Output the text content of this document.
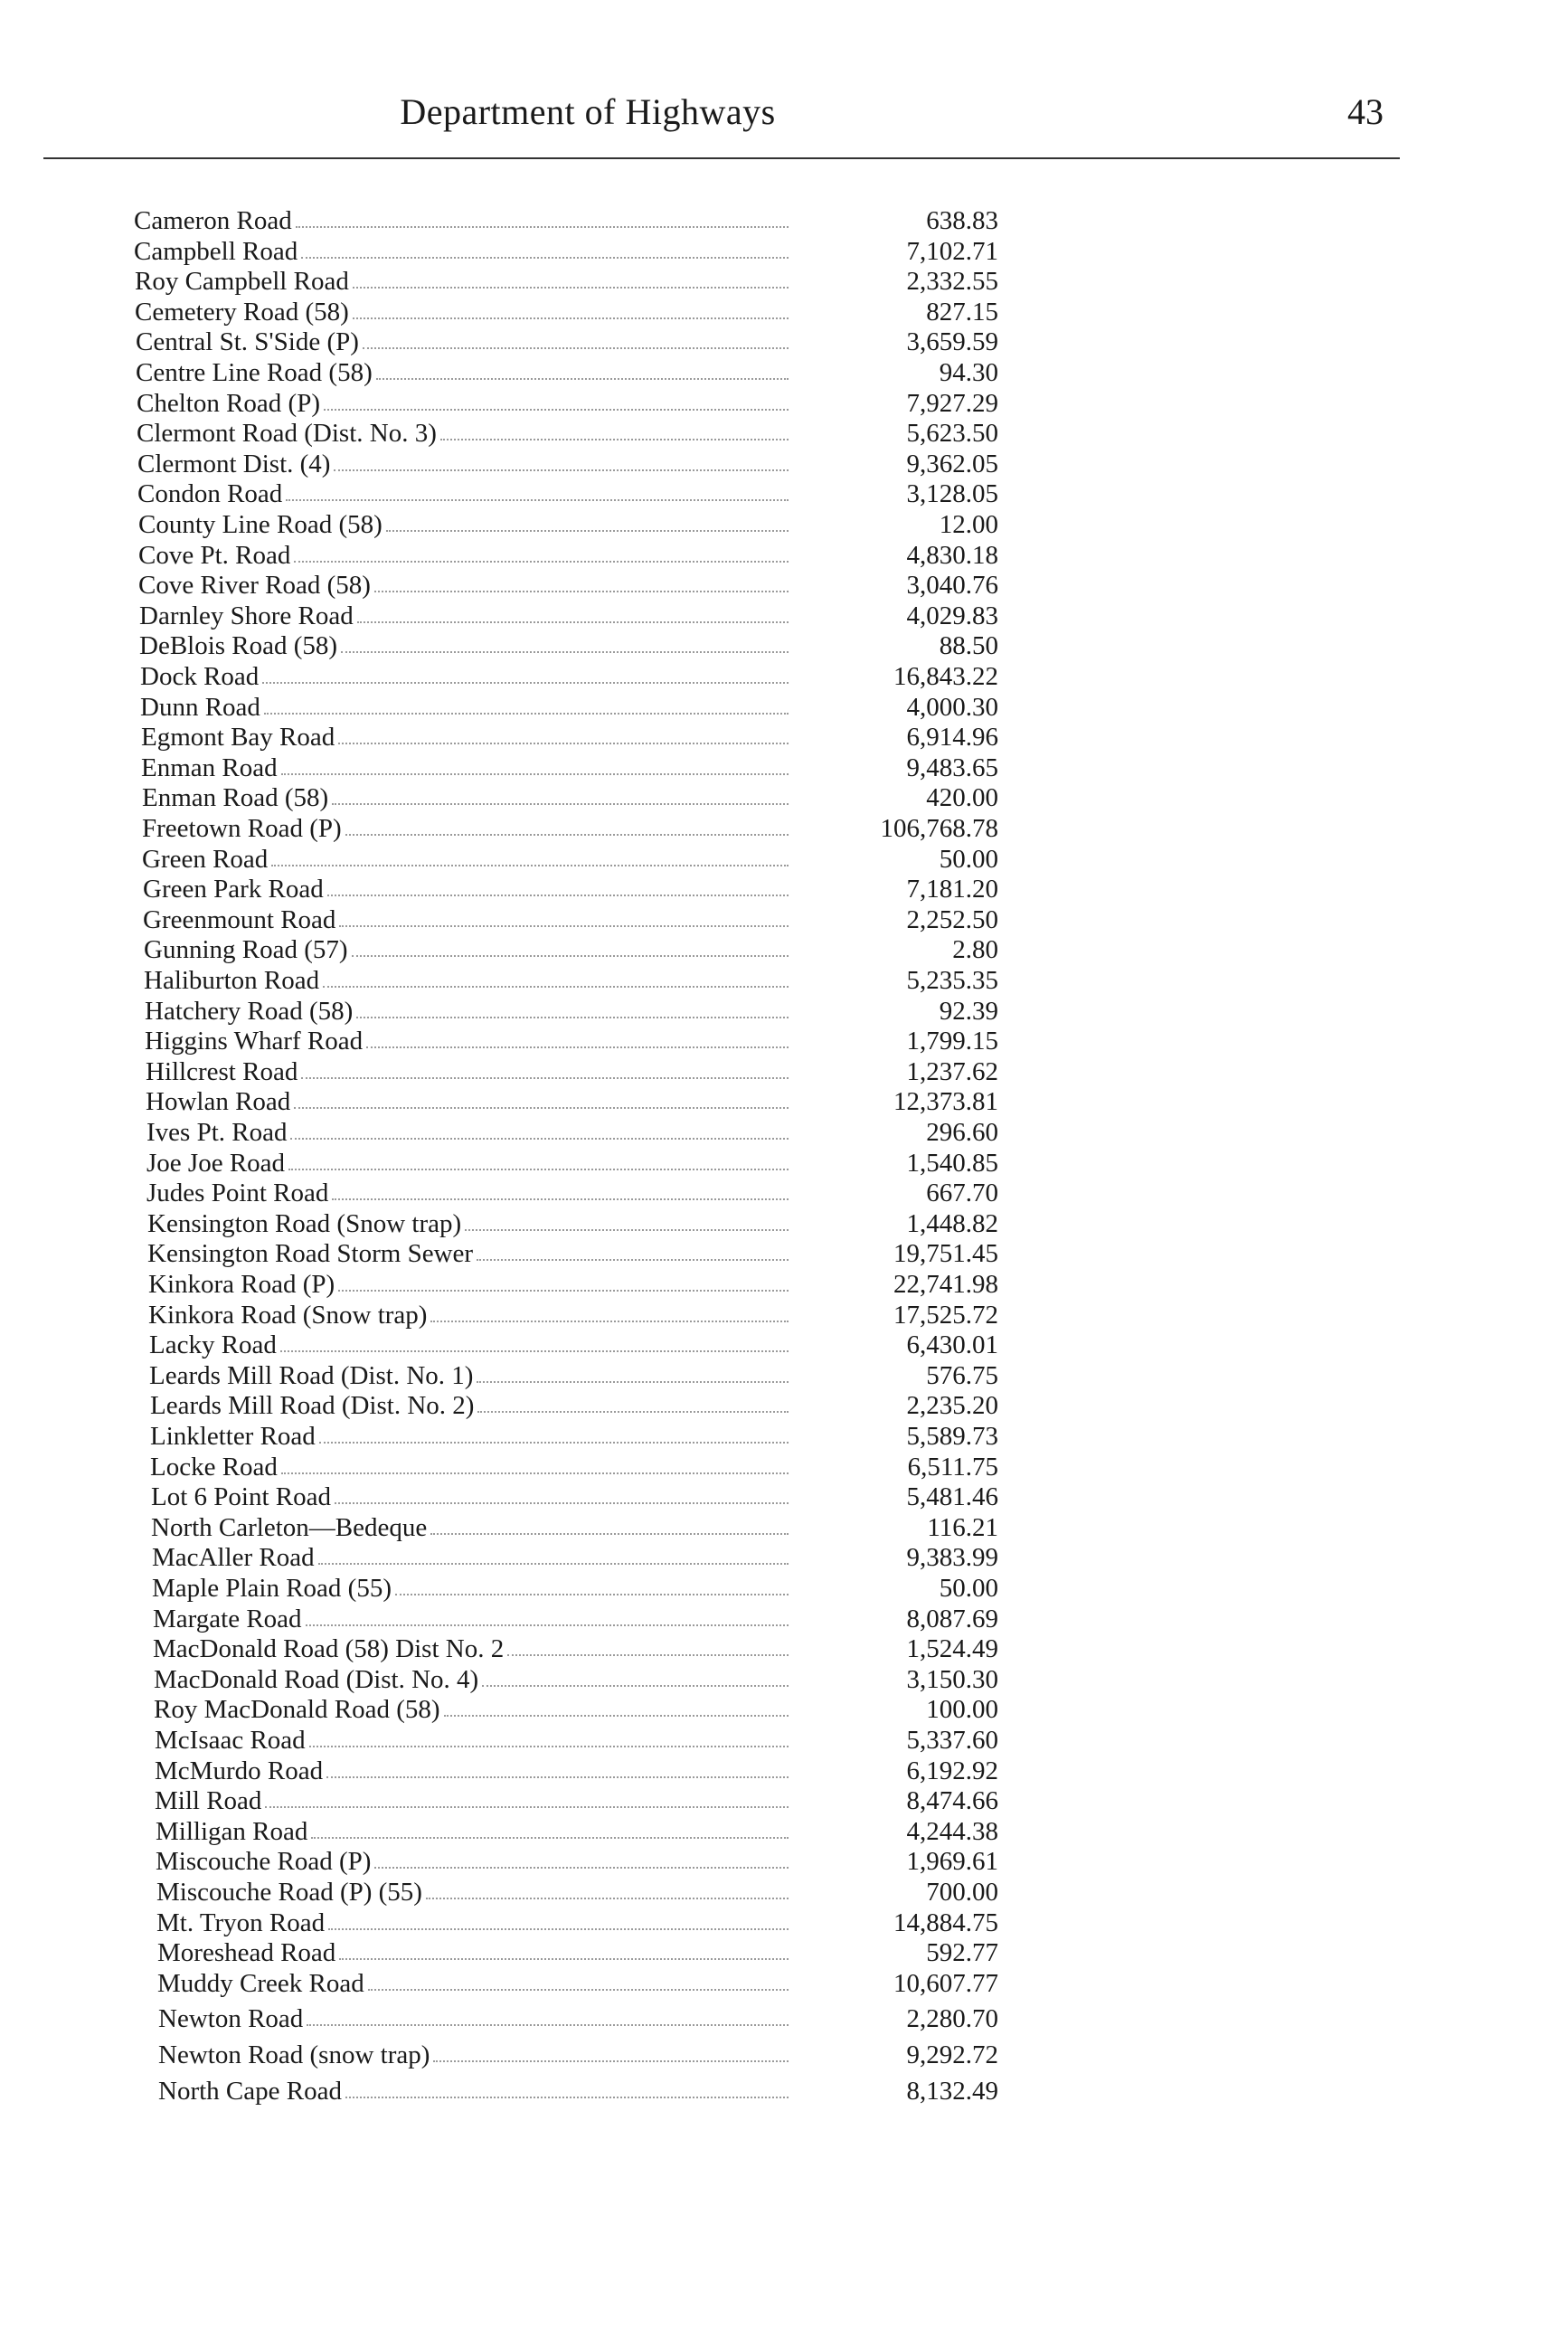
Department of Highways	43
Cameron Road	638.83
Campbell Road	7,102.71
Roy Campbell Road	2,332.55
Cemetery Road (58)	827.15
Central St. S'Side (P)	3,659.59
Centre Line Road (58)	94.30
Chelton Road (P)	7,927.29
Clermont Road (Dist. No. 3)	5,623.50
Clermont Dist. (4)	9,362.05
Condon Road	3,128.05
County Line Road (58)	12.00
Cove Pt. Road	4,830.18
Cove River Road (58)	3,040.76
Darnley Shore Road	4,029.83
DeBlois Road (58)	88.50
Dock Road	16,843.22
Dunn Road	4,000.30
Egmont Bay Road	6,914.96
Enman Road	9,483.65
Enman Road (58)	420.00
Freetown Road (P)	106,768.78
Green Road	50.00
Green Park Road	7,181.20
Greenmount Road	2,252.50
Gunning Road (57)	2.80
Haliburton Road	5,235.35
Hatchery Road (58)	92.39
Higgins Wharf Road	1,799.15
Hillcrest Road	1,237.62
Howlan Road	12,373.81
Ives Pt. Road	296.60
Joe Joe Road	1,540.85
Judes Point Road	667.70
Kensington Road (Snow trap)	1,448.82
Kensington Road Storm Sewer	19,751.45
Kinkora Road (P)	22,741.98
Kinkora Road (Snow trap)	17,525.72
Lacky Road	6,430.01
Leards Mill Road (Dist. No. 1)	576.75
Leards Mill Road (Dist. No. 2)	2,235.20
Linkletter Road	5,589.73
Locke Road	6,511.75
Lot 6 Point Road	5,481.46
North Carleton—Bedeque	116.21
MacAller Road	9,383.99
Maple Plain Road (55)	50.00
Margate Road	8,087.69
MacDonald Road (58) Dist No. 2	1,524.49
MacDonald Road (Dist. No. 4)	3,150.30
Roy MacDonald Road (58)	100.00
McIsaac Road	5,337.60
McMurdo Road	6,192.92
Mill Road	8,474.66
Milligan Road	4,244.38
Miscouche Road (P)	1,969.61
Miscouche Road (P) (55)	700.00
Mt. Tryon Road	14,884.75
Moreshead Road	592.77
Muddy Creek Road	10,607.77
Newton Road	2,280.70
Newton Road (snow trap)	9,292.72
North Cape Road	8,132.49
